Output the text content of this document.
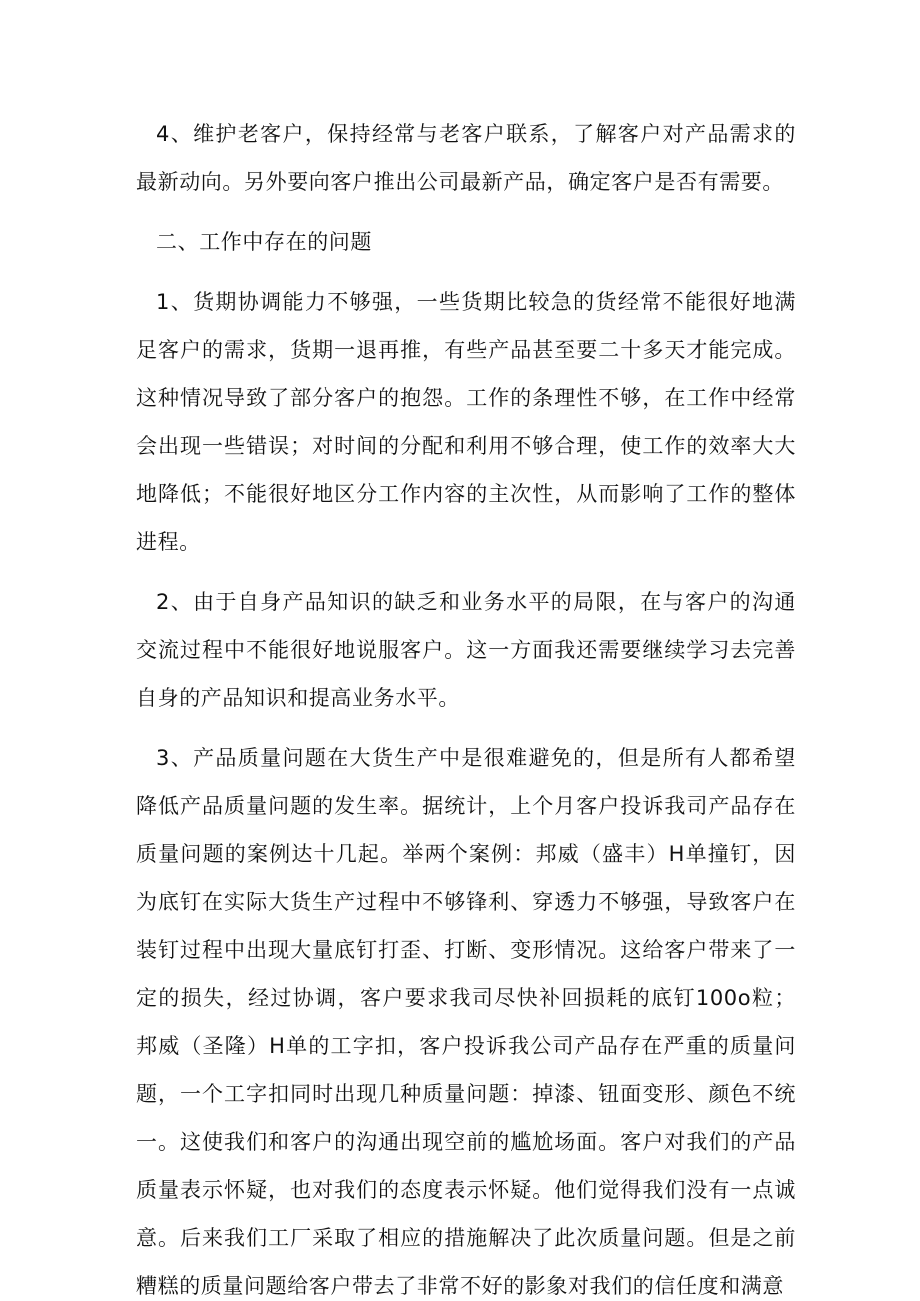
4、维护老客户，保持经常与老客户联系，了解客户对产品需求的最新动向。另外要向客户推出公司最新产品，确定客户是否有需要。

二、工作中存在的问题

1、货期协调能力不够强，一些货期比较急的货经常不能很好地满足客户的需求，货期一退再推，有些产品甚至要二十多天才能完成。这种情况导致了部分客户的抱怨。工作的条理性不够，在工作中经常会出现一些错误；对时间的分配和利用不够合理，使工作的效率大大地降低；不能很好地区分工作内容的主次性，从而影响了工作的整体进程。

2、由于自身产品知识的缺乏和业务水平的局限，在与客户的沟通交流过程中不能很好地说服客户。这一方面我还需要继续学习去完善自身的产品知识和提高业务水平。

3、产品质量问题在大货生产中是很难避免的，但是所有人都希望降低产品质量问题的发生率。据统计，上个月客户投诉我司产品存在质量问题的案例达十几起。举两个案例：邦威（盛丰）H单撞钉，因为底钉在实际大货生产过程中不够锋利、穿透力不够强，导致客户在装钉过程中出现大量底钉打歪、打断、变形情况。这给客户带来了一定的损失，经过协调，客户要求我司尽快补回损耗的底钉100o粒；邦威（圣隆）H单的工字扣，客户投诉我公司产品存在严重的质量问题，一个工字扣同时出现几种质量问题：掉漆、钮面变形、颜色不统一。这使我们和客户的沟通出现空前的尴尬场面。客户对我们的产品质量表示怀疑，也对我们的态度表示怀疑。他们觉得我们没有一点诚意。后来我们工厂采取了相应的措施解决了此次质量问题。但是之前糟糕的质量问题给客户带去了非常不好的影象对我们的信任度和满意
